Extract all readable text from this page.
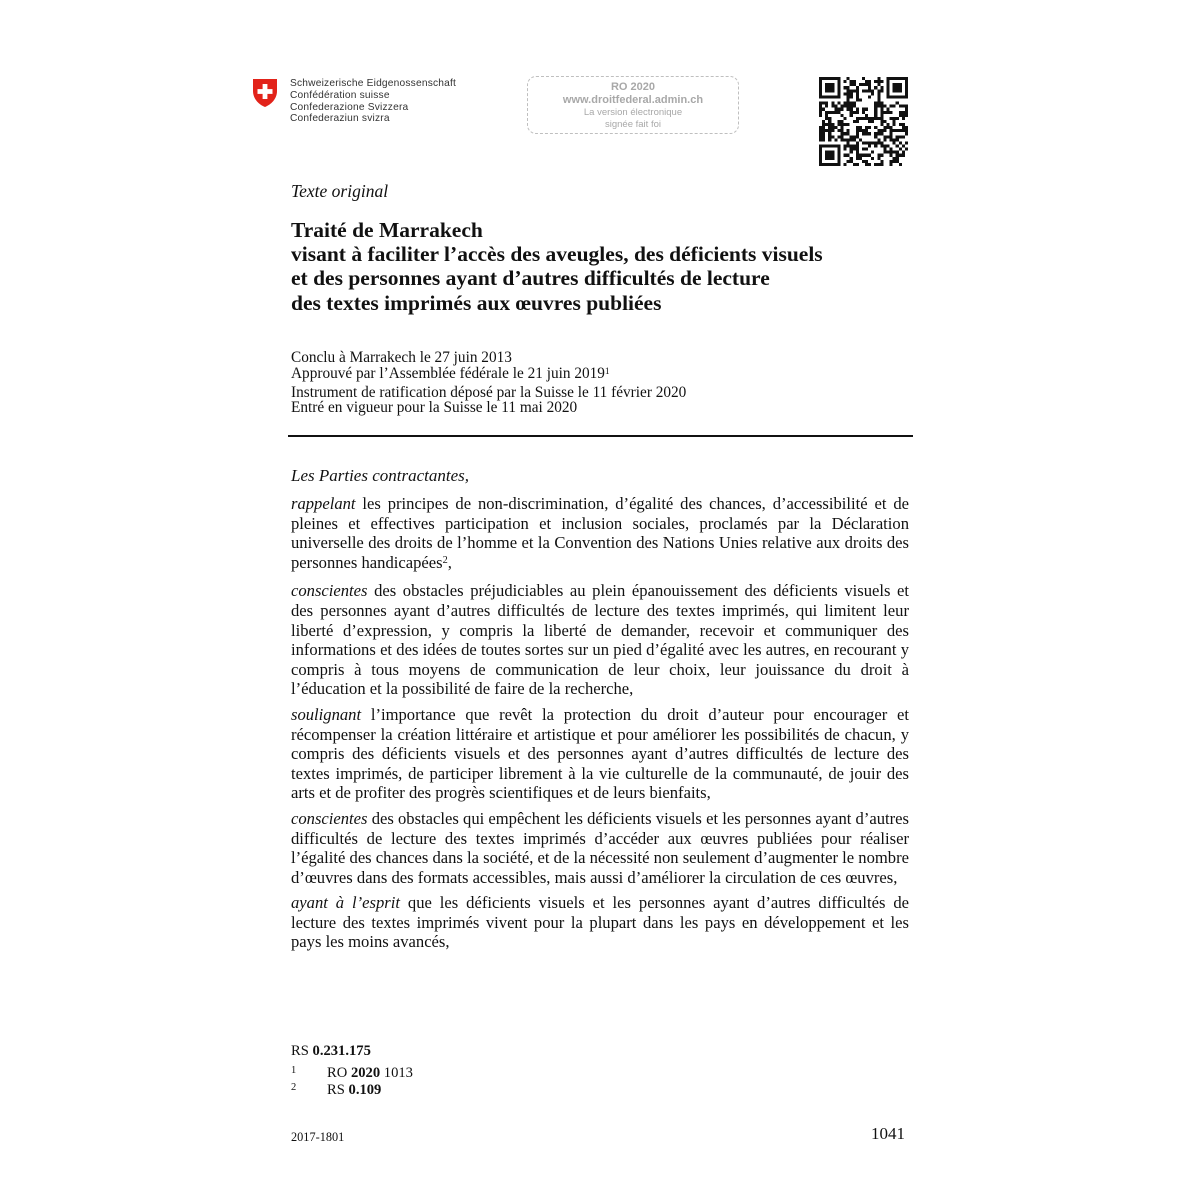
Schweizerische Eidgenossenschaft
Confédération suisse
Confederazione Svizzera
Confederaziun svizra
RO 2020
www.droitfederal.admin.ch
La version électronique
signée fait foi
Texte original
Traité de Marrakech
visant à faciliter l’accès des aveugles, des déficients visuels
et des personnes ayant d’autres difficultés de lecture
des textes imprimés aux œuvres publiées
Conclu à Marrakech le 27 juin 2013
Approuvé par l’Assemblée fédérale le 21 juin 2019$^1$
Instrument de ratification déposé par la Suisse le 11 février 2020
Entré en vigueur pour la Suisse le 11 mai 2020
Les Parties contractantes,

rappelant les principes de non-discrimination, d’égalité des chances, d’accessibilité et de pleines et effectives participation et inclusion sociales, proclamés par la Déclaration universelle des droits de l’homme et la Convention des Nations Unies relative aux droits des personnes handicapées$^2$,

conscientes des obstacles préjudiciables au plein épanouissement des déficients visuels et des personnes ayant d’autres difficultés de lecture des textes imprimés, qui limitent leur liberté d’expression, y compris la liberté de demander, recevoir et communiquer des informations et des idées de toutes sortes sur un pied d’égalité avec les autres, en recourant y compris à tous moyens de communication de leur choix, leur jouissance du droit à l’éducation et la possibilité de faire de la recherche,

soulignant l’importance que revêt la protection du droit d’auteur pour encourager et récompenser la création littéraire et artistique et pour améliorer les possibilités de chacun, y compris des déficients visuels et des personnes ayant d’autres difficultés de lecture des textes imprimés, de participer librement à la vie culturelle de la communauté, de jouir des arts et de profiter des progrès scientifiques et de leurs bienfaits,

conscientes des obstacles qui empêchent les déficients visuels et les personnes ayant d’autres difficultés de lecture des textes imprimés d’accéder aux œuvres publiées pour réaliser l’égalité des chances dans la société, et de la nécessité non seulement d’augmenter le nombre d’œuvres dans des formats accessibles, mais aussi d’améliorer la circulation de ces œuvres,

ayant à l’esprit que les déficients visuels et les personnes ayant d’autres difficultés de lecture des textes imprimés vivent pour la plupart dans les pays en développement et les pays les moins avancés,

RS 0.231.175
1 RO 2020 1013
2 RS 0.109
2017-1801	1041
